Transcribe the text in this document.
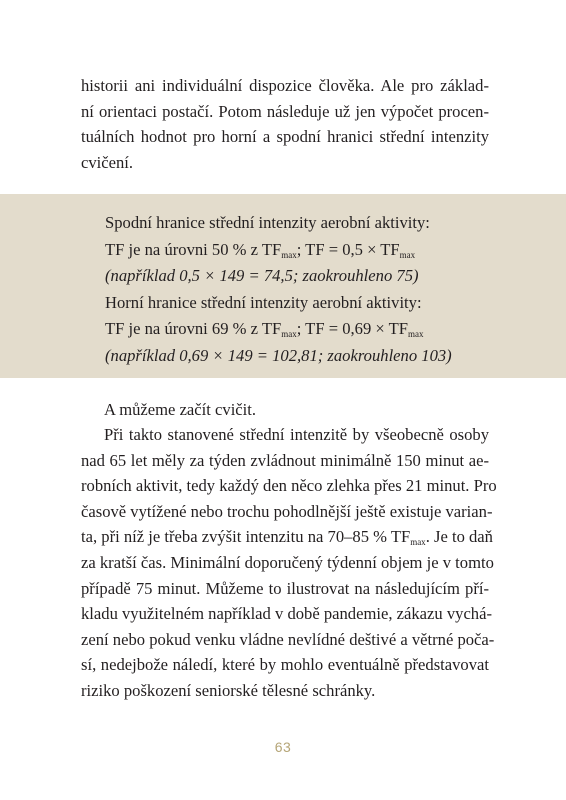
historii ani individuální dispozice člověka. Ale pro základ-
ní orientaci postačí. Potom následuje už jen výpočet procen-
tuálních hodnot pro horní a spodní hranici střední intenzity
cvičení.
Spodní hranice střední intenzity aerobní aktivity:
TF je na úrovni 50 % z $TF_{max}$; TF = $0,5 \times TF_{max}$
(například 0,5 × 149 = 74,5; zaokrouhleno 75)
Horní hranice střední intenzity aerobní aktivity:
TF je na úrovni 69 % z $TF_{max}$; TF = $0,69 \times TF_{max}$
(například 0,69 × 149 = 102,81; zaokrouhleno 103)
A můžeme začít cvičit.
Při takto stanovené střední intenzitě by všeobecně osoby
nad 65 let měly za týden zvládnout minimálně 150 minut ae-
robních aktivit, tedy každý den něco zlehka přes 21 minut. Pro
časově vytížené nebo trochu pohodlnější ještě existuje varian-
ta, při níž je třeba zvýšit intenzitu na 70–85 % $TF_{max}$. Je to daň
za kratší čas. Minimální doporučený týdenní objem je v tomto
případě 75 minut. Můžeme to ilustrovat na následujícím pří-
kladu využitelném například v době pandemie, zákazu vychá-
zení nebo pokud venku vládne nevlídné deštivé a větrné poča-
sí, nedejbože náledí, které by mohlo eventuálně představovat
riziko poškození seniorské tělesné schránky.
63
